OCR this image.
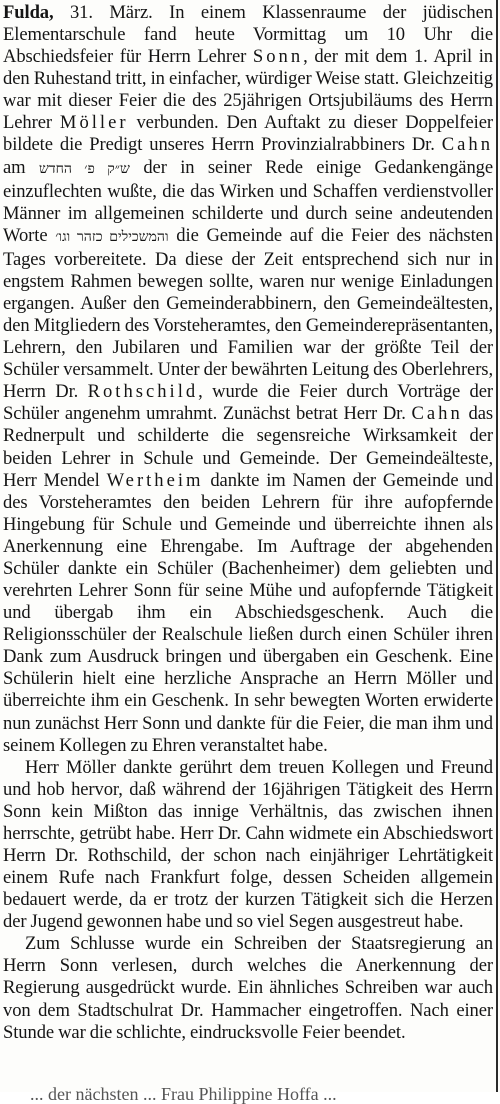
Fulda, 31. März. In einem Klassenraume der jüdischen Elementarschule fand heute Vormittag um 10 Uhr die Abschiedsfeier für Herrn Lehrer Sonn, der mit dem 1. April in den Ruhestand tritt, in einfacher, würdiger Weise statt. Gleichzeitig war mit dieser Feier die des 25jährigen Ortsjubiläums des Herrn Lehrer Möller verbunden. Den Auftakt zu dieser Doppelfeier bildete die Predigt unseres Herrn Provinzialrabbiners Dr. Cahn am ש״ק פ׳ החדש der in seiner Rede einige Gedankengänge einzuflechten wußte, die das Wirken und Schaffen verdienstvoller Männer im allgemeinen schilderte und durch seine andeutenden Worte והמשכילים כזהר וגו׳ die Gemeinde auf die Feier des nächsten Tages vorbereitete. Da diese der Zeit entsprechend sich nur in engstem Rahmen bewegen sollte, waren nur wenige Einladungen ergangen. Außer den Gemeinderabbinern, den Gemeindeältesten, den Mitgliedern des Vorsteheramtes, den Gemeinderepräsentanten, Lehrern, den Jubilaren und Familien war der größte Teil der Schüler versammelt. Unter der bewährten Leitung des Oberlehrers, Herrn Dr. Rothschild, wurde die Feier durch Vorträge der Schüler angenehm umrahmt. Zunächst betrat Herr Dr. Cahn das Rednerpult und schilderte die segensreiche Wirksamkeit der beiden Lehrer in Schule und Gemeinde. Der Gemeindeälteste, Herr Mendel Wertheim dankte im Namen der Gemeinde und des Vorsteheramtes den beiden Lehrern für ihre aufopfernde Hingebung für Schule und Gemeinde und überreichte ihnen als Anerkennung eine Ehrengabe. Im Auftrage der abgehenden Schüler dankte ein Schüler (Bachenheimer) dem geliebten und verehrten Lehrer Sonn für seine Mühe und aufopfernde Tätigkeit und übergab ihm ein Abschiedsgeschenk. Auch die Religionsschüler der Realschule ließen durch einen Schüler ihren Dank zum Ausdruck bringen und übergaben ein Geschenk. Eine Schülerin hielt eine herzliche Ansprache an Herrn Möller und überreichte ihm ein Geschenk. In sehr bewegten Worten erwiderte nun zunächst Herr Sonn und dankte für die Feier, die man ihm und seinem Kollegen zu Ehren veranstaltet habe.

Herr Möller dankte gerührt dem treuen Kollegen und Freund und hob hervor, daß während der 16jährigen Tätigkeit des Herrn Sonn kein Mißton das innige Verhältnis, das zwischen ihnen herrschte, getrübt habe. Herr Dr. Cahn widmete ein Abschiedswort Herrn Dr. Rothschild, der schon nach einjähriger Lehrtätigkeit einem Rufe nach Frankfurt folge, dessen Scheiden allgemein bedauert werde, da er trotz der kurzen Tätigkeit sich die Herzen der Jugend gewonnen habe und so viel Segen ausgestreut habe.

Zum Schlusse wurde ein Schreiben der Staatsregierung an Herrn Sonn verlesen, durch welches die Anerkennung der Regierung ausgedrückt wurde. Ein ähnliches Schreiben war auch von dem Stadtschulrat Dr. Hammacher eingetroffen. Nach einer Stunde war die schlichte, eindrucksvolle Feier beendet.

... der nächsten ... Frau Philippine Hoffa ...
